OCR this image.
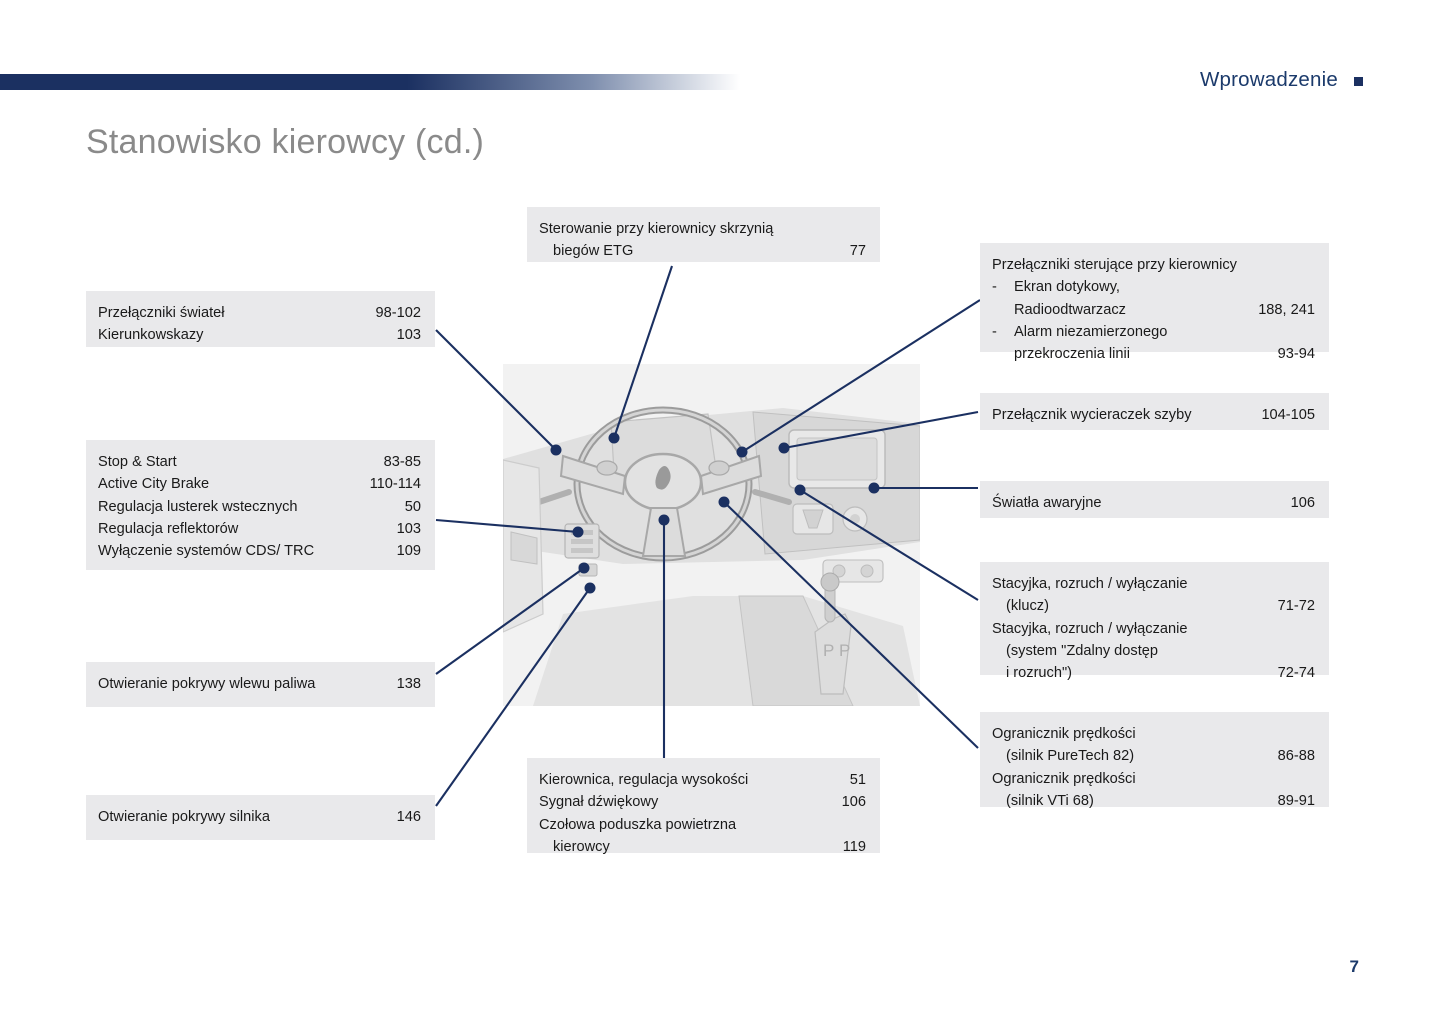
Wprowadzenie
Stanowisko kierowcy (cd.)
7
P P
Sterowanie przy kierownicy skrzynią
biegów ETG	77
Przełączniki świateł	98-102
Kierunkowskazy	103
Przełączniki sterujące przy kierownicy
-	Ekran dotykowy,
Radioodtwarzacz	188, 241
-	Alarm niezamierzonego
przekroczenia linii	93-94
Przełącznik wycieraczek szyby	104-105
Światła awaryjne	106
Stop & Start	83-85
Active City Brake	110-114
Regulacja lusterek wstecznych	50
Regulacja reflektorów	103
Wyłączenie systemów CDS/ TRC	109
Stacyjka, rozruch / wyłączanie
(klucz)	71-72
Stacyjka, rozruch / wyłączanie
(system "Zdalny dostęp
i rozruch")	72-74
Otwieranie pokrywy wlewu paliwa	138
Ogranicznik prędkości
(silnik PureTech 82)	86-88
Ogranicznik prędkości
(silnik VTi 68)	89-91
Otwieranie pokrywy silnika	146
Kierownica, regulacja wysokości	51
Sygnał dźwiękowy	106
Czołowa poduszka powietrzna
kierowcy	119
